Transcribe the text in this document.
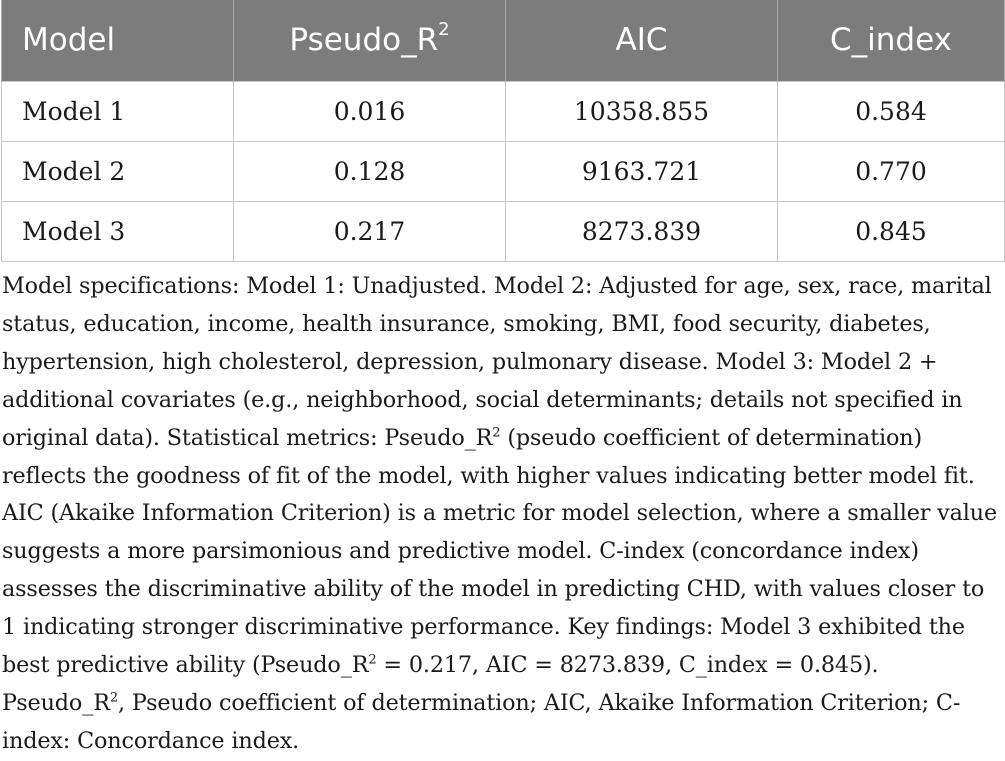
Model	$Pseudo\_R^2$	AIC	C_index
Model 1	0.016	10358.855	0.584
Model 2	0.128	9163.721	0.770
Model 3	0.217	8273.839	0.845

Model specifications: Model 1: Unadjusted. Model 2: Adjusted for age, sex, race, marital status, education, income, health insurance, smoking, BMI, food security, diabetes, hypertension, high cholesterol, depression, pulmonary disease. Model 3: Model 2 + additional covariates (e.g., neighborhood, social determinants; details not specified in original data). Statistical metrics: $Pseudo\_R^2$ (pseudo coefficient of determination) reflects the goodness of fit of the model, with higher values indicating better model fit. AIC (Akaike Information Criterion) is a metric for model selection, where a smaller value suggests a more parsimonious and predictive model. C-index (concordance index) assesses the discriminative ability of the model in predicting CHD, with values closer to 1 indicating stronger discriminative performance. Key findings: Model 3 exhibited the best predictive ability ($Pseudo\_R^2 = 0.217$, AIC = 8273.839, C_index = 0.845). $Pseudo\_R^2$, Pseudo coefficient of determination; AIC, Akaike Information Criterion; C-index: Concordance index.
